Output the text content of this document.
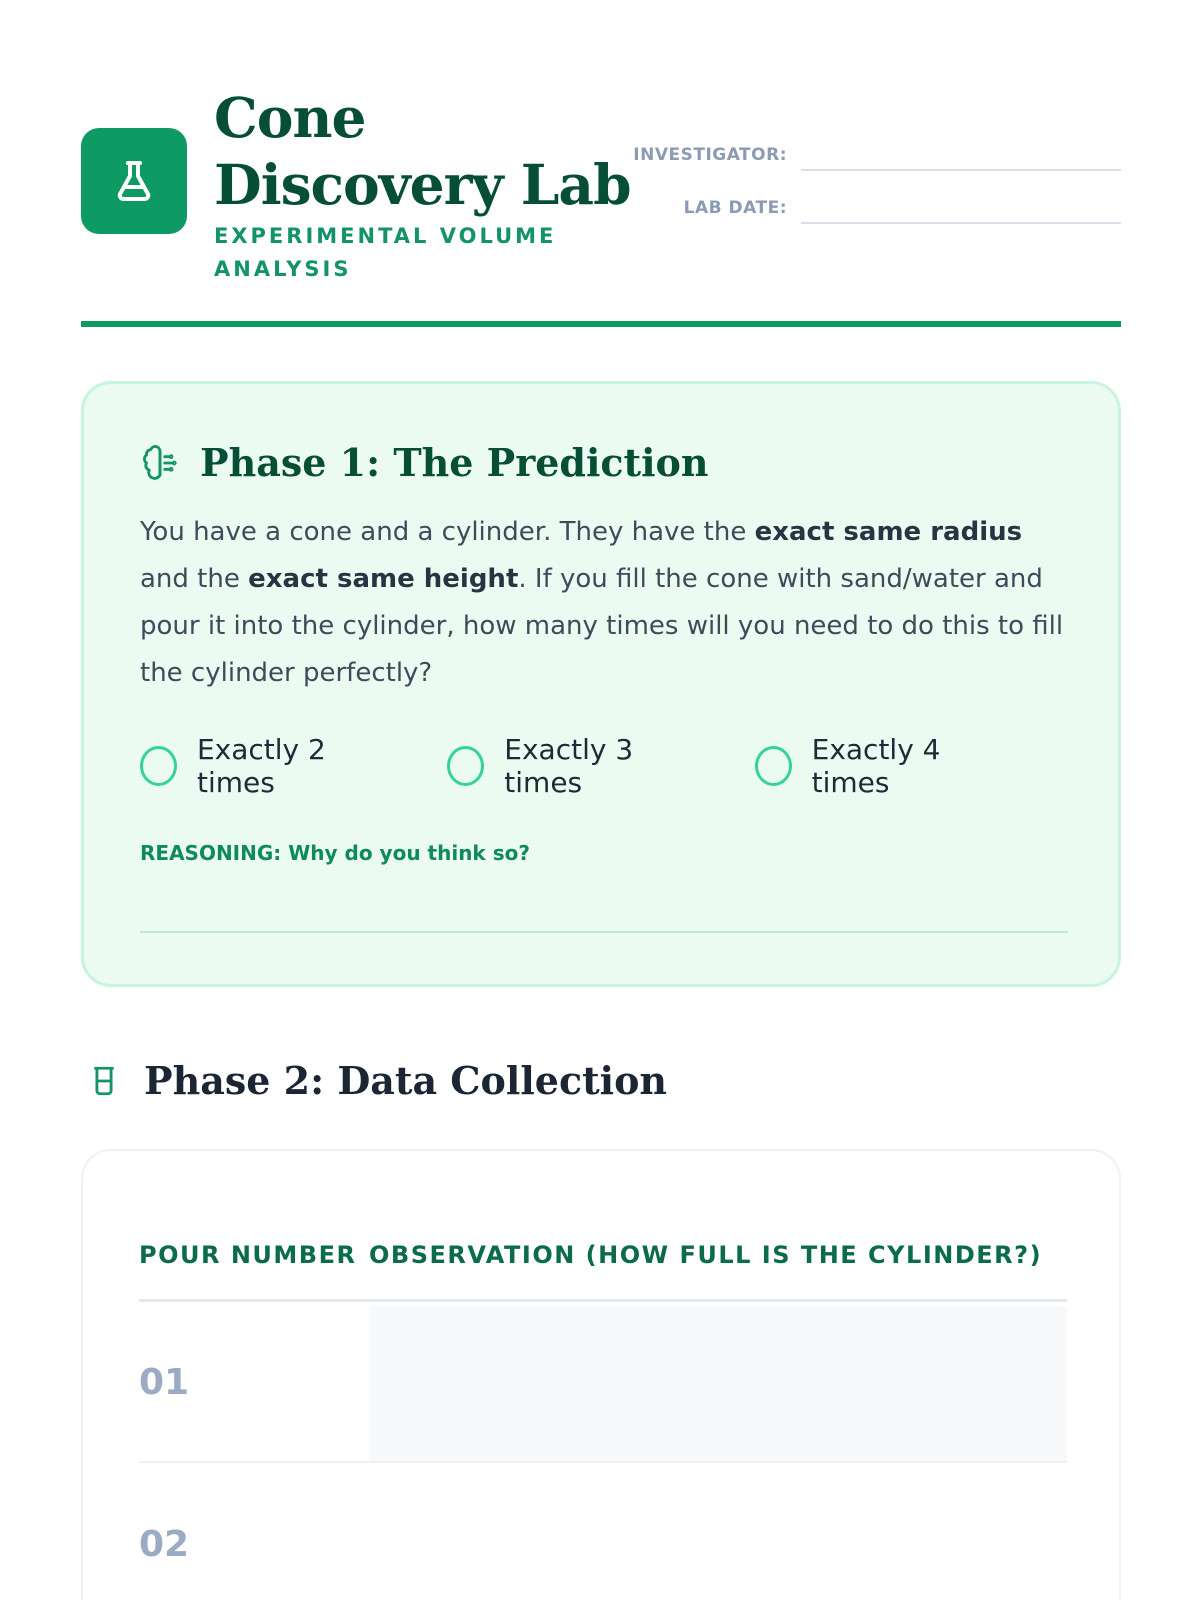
Cone Discovery Lab
EXPERIMENTAL VOLUME ANALYSIS
INVESTIGATOR:
LAB DATE:
Phase 1: The Prediction

You have a cone and a cylinder. They have the exact same radius and the exact same height. If you fill the cone with sand/water and pour it into the cylinder, how many times will you need to do this to fill the cylinder perfectly?

Exactly 2 times
Exactly 3 times
Exactly 4 times
REASONING: Why do you think so?
Phase 2: Data Collection
POUR NUMBER OBSERVATION (HOW FULL IS THE CYLINDER?)
01
02
